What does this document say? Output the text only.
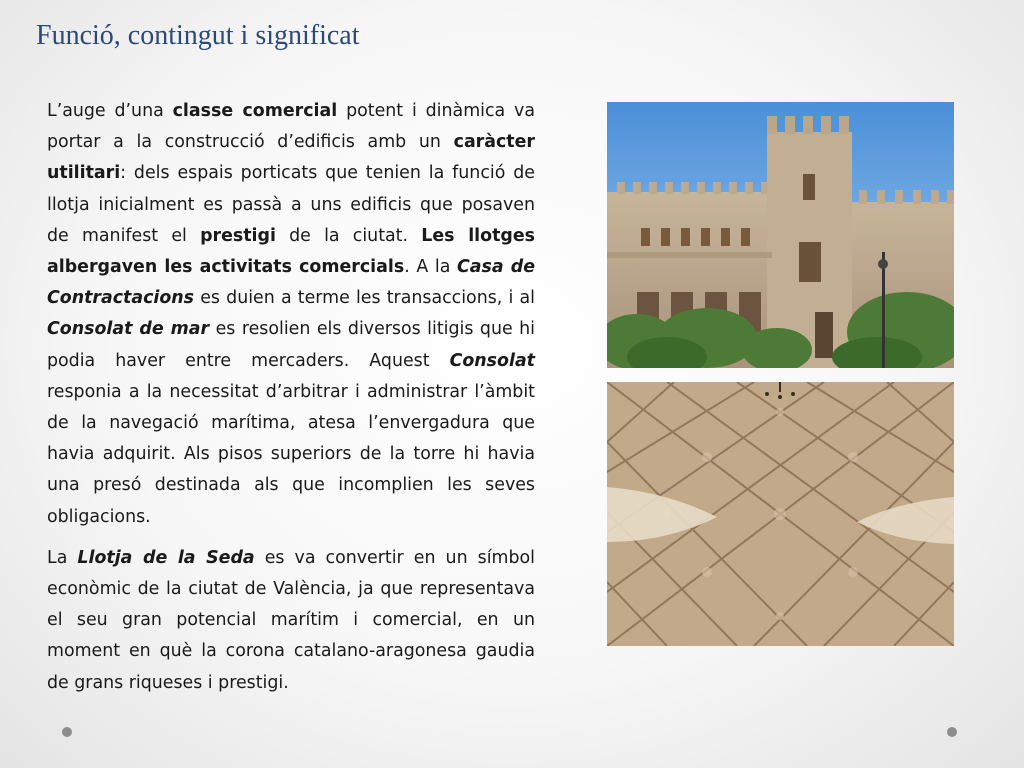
Funció, contingut i significat

L’auge d’una classe comercial potent i dinàmica va portar a la construcció d’edificis amb un caràcter utilitari: dels espais porticats que tenien la funció de llotja inicialment es passà a uns edificis que posaven de manifest el prestigi de la ciutat. Les llotges albergaven les activitats comercials. A la Casa de Contractacions es duien a terme les transaccions, i al Consolat de mar es resolien els diversos litigis que hi podia haver entre mercaders. Aquest Consolat responia a la necessitat d’arbitrar i administrar l’àmbit de la navegació marítima, atesa l’envergadura que havia adquirit. Als pisos superiors de la torre hi havia una presó destinada als que incomplien les seves obligacions.

La Llotja de la Seda es va convertir en un símbol econòmic de la ciutat de València, ja que representava el seu gran potencial marítim i comercial, en un moment en què la corona catalano-aragonesa gaudia de grans riqueses i prestigi.
